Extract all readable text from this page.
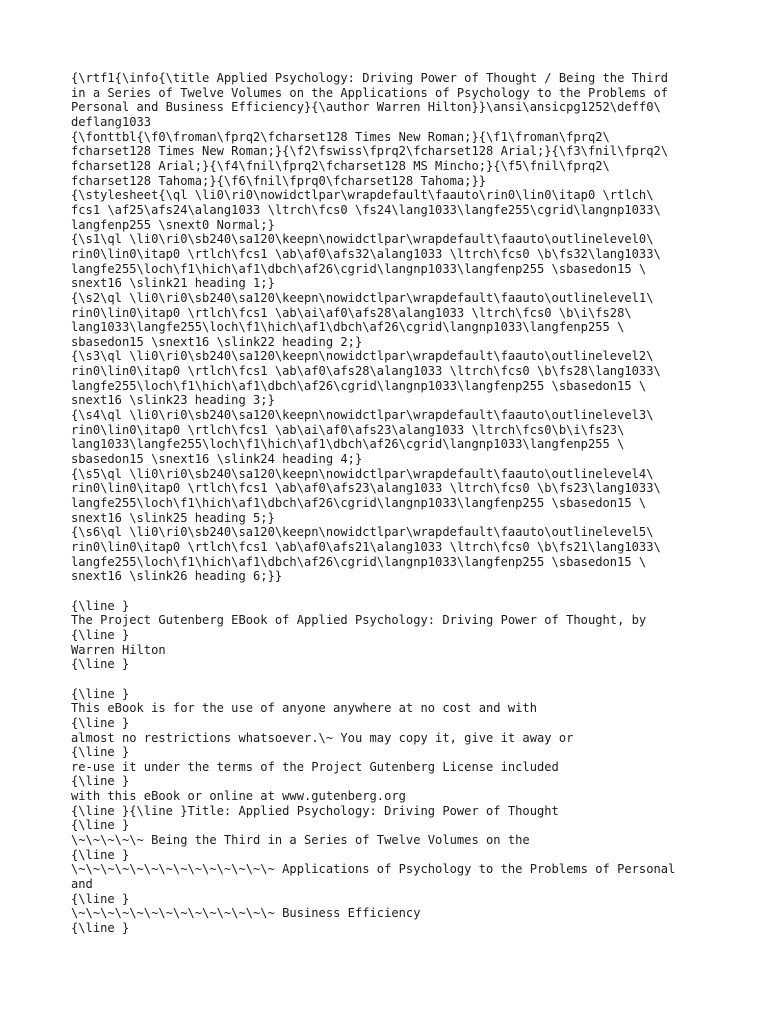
{\rtf1{\info{\title Applied Psychology: Driving Power of Thought / Being the Third
in a Series of Twelve Volumes on the Applications of Psychology to the Problems of
Personal and Business Efficiency}{\author Warren Hilton}}\ansi\ansicpg1252\deff0\
deflang1033
{\fonttbl{\f0\froman\fprq2\fcharset128 Times New Roman;}{\f1\froman\fprq2\
fcharset128 Times New Roman;}{\f2\fswiss\fprq2\fcharset128 Arial;}{\f3\fnil\fprq2\
fcharset128 Arial;}{\f4\fnil\fprq2\fcharset128 MS Mincho;}{\f5\fnil\fprq2\
fcharset128 Tahoma;}{\f6\fnil\fprq0\fcharset128 Tahoma;}}
{\stylesheet{\ql \li0\ri0\nowidctlpar\wrapdefault\faauto\rin0\lin0\itap0 \rtlch\
fcs1 \af25\afs24\alang1033 \ltrch\fcs0 \fs24\lang1033\langfe255\cgrid\langnp1033\
langfenp255 \snext0 Normal;}
{\s1\ql \li0\ri0\sb240\sa120\keepn\nowidctlpar\wrapdefault\faauto\outlinelevel0\
rin0\lin0\itap0 \rtlch\fcs1 \ab\af0\afs32\alang1033 \ltrch\fcs0 \b\fs32\lang1033\
langfe255\loch\f1\hich\af1\dbch\af26\cgrid\langnp1033\langfenp255 \sbasedon15 \
snext16 \slink21 heading 1;}
{\s2\ql \li0\ri0\sb240\sa120\keepn\nowidctlpar\wrapdefault\faauto\outlinelevel1\
rin0\lin0\itap0 \rtlch\fcs1 \ab\ai\af0\afs28\alang1033 \ltrch\fcs0 \b\i\fs28\
lang1033\langfe255\loch\f1\hich\af1\dbch\af26\cgrid\langnp1033\langfenp255 \
sbasedon15 \snext16 \slink22 heading 2;}
{\s3\ql \li0\ri0\sb240\sa120\keepn\nowidctlpar\wrapdefault\faauto\outlinelevel2\
rin0\lin0\itap0 \rtlch\fcs1 \ab\af0\afs28\alang1033 \ltrch\fcs0 \b\fs28\lang1033\
langfe255\loch\f1\hich\af1\dbch\af26\cgrid\langnp1033\langfenp255 \sbasedon15 \
snext16 \slink23 heading 3;}
{\s4\ql \li0\ri0\sb240\sa120\keepn\nowidctlpar\wrapdefault\faauto\outlinelevel3\
rin0\lin0\itap0 \rtlch\fcs1 \ab\ai\af0\afs23\alang1033 \ltrch\fcs0\b\i\fs23\
lang1033\langfe255\loch\f1\hich\af1\dbch\af26\cgrid\langnp1033\langfenp255 \
sbasedon15 \snext16 \slink24 heading 4;}
{\s5\ql \li0\ri0\sb240\sa120\keepn\nowidctlpar\wrapdefault\faauto\outlinelevel4\
rin0\lin0\itap0 \rtlch\fcs1 \ab\af0\afs23\alang1033 \ltrch\fcs0 \b\fs23\lang1033\
langfe255\loch\f1\hich\af1\dbch\af26\cgrid\langnp1033\langfenp255 \sbasedon15 \
snext16 \slink25 heading 5;}
{\s6\ql \li0\ri0\sb240\sa120\keepn\nowidctlpar\wrapdefault\faauto\outlinelevel5\
rin0\lin0\itap0 \rtlch\fcs1 \ab\af0\afs21\alang1033 \ltrch\fcs0 \b\fs21\lang1033\
langfe255\loch\f1\hich\af1\dbch\af26\cgrid\langnp1033\langfenp255 \sbasedon15 \
snext16 \slink26 heading 6;}}
{\line }
The Project Gutenberg EBook of Applied Psychology: Driving Power of Thought, by
{\line }
Warren Hilton
{\line }
{\line }
This eBook is for the use of anyone anywhere at no cost and with
{\line }
almost no restrictions whatsoever.\~ You may copy it, give it away or
{\line }
re-use it under the terms of the Project Gutenberg License included
{\line }
with this eBook or online at www.gutenberg.org
{\line }{\line }Title: Applied Psychology: Driving Power of Thought
{\line }
\~\~\~\~\~ Being the Third in a Series of Twelve Volumes on the
{\line }
\~\~\~\~\~\~\~\~\~\~\~\~\~\~ Applications of Psychology to the Problems of Personal
and
{\line }
\~\~\~\~\~\~\~\~\~\~\~\~\~\~ Business Efficiency
{\line }
